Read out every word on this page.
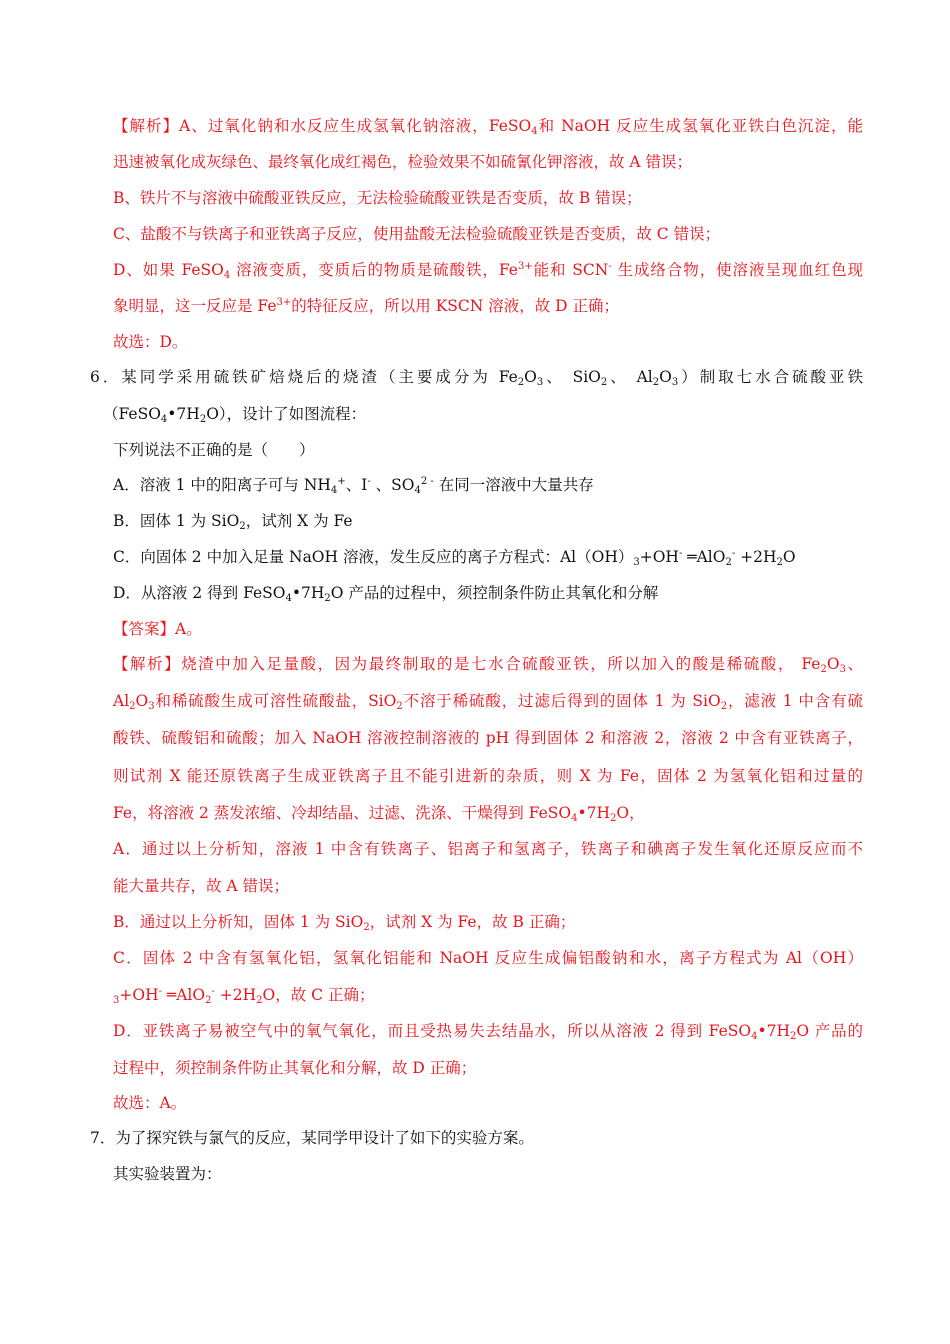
【解析】A、过氧化钠和水反应生成氢氧化钠溶液，FeSO$_4$和 NaOH 反应生成氢氧化亚铁白色沉淀，能
迅速被氧化成灰绿色、最终氧化成红褐色，检验效果不如硫氰化钾溶液，故 A 错误；
B、铁片不与溶液中硫酸亚铁反应，无法检验硫酸亚铁是否变质，故 B 错误；
C、盐酸不与铁离子和亚铁离子反应，使用盐酸无法检验硫酸亚铁是否变质，故 C 错误；
D、如果 FeSO$_4$ 溶液变质，变质后的物质是硫酸铁，$Fe^{3+}$能和 SCN- 生成络合物，使溶液呈现血红色现
象明显，这一反应是 $Fe^{3+}$的特征反应，所以用 KSCN 溶液，故 D 正确；
故选：D。
6．某同学采用硫铁矿焙烧后的烧渣（主要成分为 $Fe_2O_3$、 SiO$_2$、 $Al_2O_3$）制取七水合硫酸亚铁
$(FeSO_4•7H_2O)$，设计了如图流程：
下列说法不正确的是（　　）
A．溶液 1 中的阳离子可与 $NH_4^+$、I- 、$SO_4^{2 -}$ 在同一溶液中大量共存
B．固体 1 为 SiO$_2$，试剂 X 为 Fe
C．向固体 2 中加入足量 NaOH 溶液，发生反应的离子方程式：$Al(OH)_3+OH^-$ ═AlO$_2$- $+2H_2O$
D．从溶液 2 得到 $FeSO_4•7H_2O$ 产品的过程中，须控制条件防止其氧化和分解
【答案】A。
【解析】烧渣中加入足量酸，因为最终制取的是七水合硫酸亚铁，所以加入的酸是稀硫酸， $Fe_2O_3$、
$Al_2O_3$和稀硫酸生成可溶性硫酸盐，SiO$_2$不溶于稀硫酸，过滤后得到的固体 1 为 SiO$_2$，滤液 1 中含有硫
酸铁、硫酸铝和硫酸；加入 NaOH 溶液控制溶液的 pH 得到固体 2 和溶液 2，溶液 2 中含有亚铁离子，
则试剂 X 能还原铁离子生成亚铁离子且不能引进新的杂质，则 X 为 Fe，固体 2 为氢氧化铝和过量的
Fe，将溶液 2 蒸发浓缩、冷却结晶、过滤、洗涤、干燥得到 $FeSO_4•7H_2O$，
A．通过以上分析知，溶液 1 中含有铁离子、铝离子和氢离子，铁离子和碘离子发生氧化还原反应而不
能大量共存，故 A 错误；
B．通过以上分析知，固体 1 为 SiO$_2$，试剂 X 为 Fe，故 B 正确；
C．固体 2 中含有氢氧化铝，氢氧化铝能和 NaOH 反应生成偏铝酸钠和水，离子方程式为 Al（OH）
$_3$+OH- ═AlO$_2$- $+2H_2O$，故 C 正确；
D．亚铁离子易被空气中的氧气氧化，而且受热易失去结晶水，所以从溶液 2 得到 $FeSO_4•7H_2O$ 产品的
过程中，须控制条件防止其氧化和分解，故 D 正确；
故选：A。
7．为了探究铁与氯气的反应，某同学甲设计了如下的实验方案。
其实验装置为：
